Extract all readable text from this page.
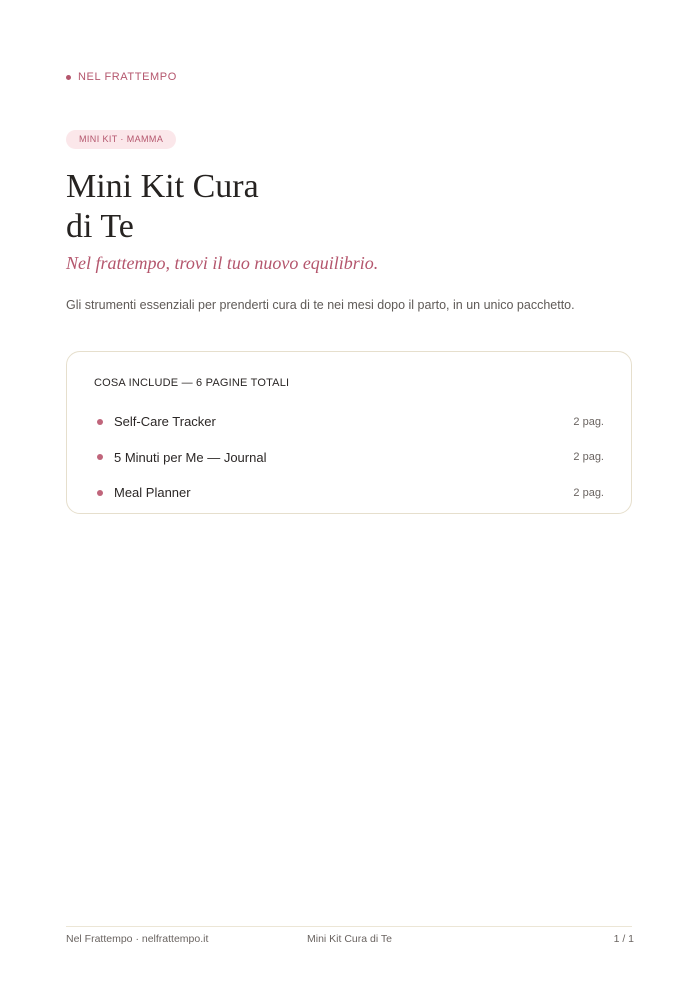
NEL FRATTEMPO
MINI KIT · MAMMA
Mini Kit Cura
di Te

Nel frattempo, trovi il tuo nuovo equilibrio.

Gli strumenti essenziali per prenderti cura di te nei mesi dopo il parto, in un unico pacchetto.

COSA INCLUDE — 6 PAGINE TOTALI
Self-Care Tracker	2 pag.
5 Minuti per Me — Journal	2 pag.
Meal Planner	2 pag.
Nel Frattempo · nelfrattempo.it	Mini Kit Cura di Te	1 / 1
